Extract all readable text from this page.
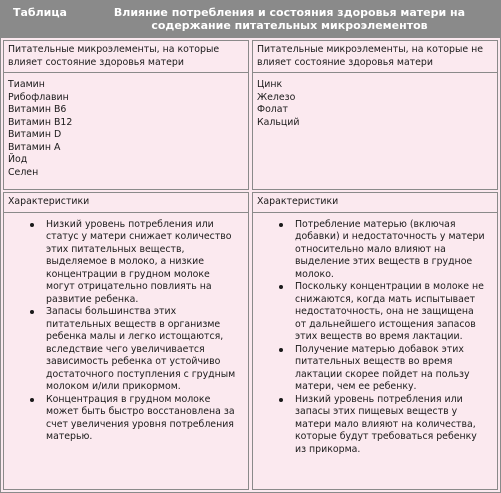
Таблица	Влияние потребления и состояния здоровья матери на содержание питательных микроэлементов
Питательные микроэлементы, на которые влияет состояние здоровья матери
Тиамин
Рибофлавин
Витамин B6
Витамин B12
Витамин D
Витамин A
Йод
Селен
Питательные микроэлементы, на которые не влияет состояние здоровья матери
Цинк
Железо
Фолат
Кальций
Характеристики
Низкий уровень потребления или статус у матери снижает количество этих питательных веществ, выделяемое в молоко, а низкие концентрации в грудном молоке могут отрицательно повлиять на развитие ребенка.
Запасы большинства этих питательных веществ в организме ребенка малы и легко истощаются, вследствие чего увеличивается зависимость ребенка от устойчиво достаточного поступления с грудным молоком и/или прикормом.
Концентрация в грудном молоке может быть быстро восстановлена за счет увеличения уровня потребления матерью.
Характеристики
Потребление матерью (включая добавки) и недостаточность у матери относительно мало влияют на выделение этих веществ в грудное молоко.
Поскольку концентрации в молоке не снижаются, когда мать испытывает недостаточность, она не защищена от дальнейшего истощения запасов этих веществ во время лактации.
Получение матерью добавок этих питательных веществ во время лактации скорее пойдет на пользу матери, чем ее ребенку.
Низкий уровень потребления или запасы этих пищевых веществ у матери мало влияют на количества, которые будут требоваться ребенку из прикорма.
